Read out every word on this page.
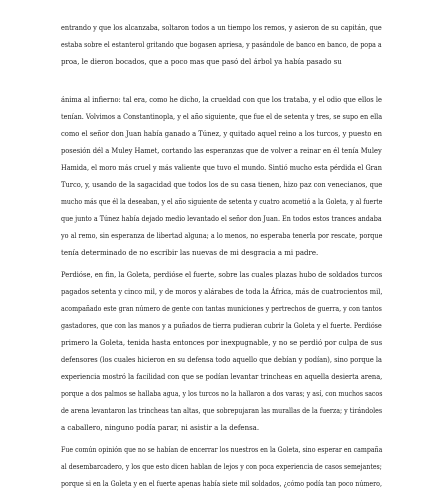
entrando y que los alcanzaba, soltaron todos a un tiempo los remos, y asieron de su capitán, que
estaba sobre el estanterol gritando que bogasen apriesa, y pasándole de banco en banco, de popa a
proa, le dieron bocados, que a poco mas que pasó del árbol ya había pasado su
ánima al infierno: tal era, como he dicho, la crueldad con que los trataba, y el odio que ellos le
tenían. Volvimos a Constantinopla, y el año siguiente, que fue el de setenta y tres, se supo en ella
como el señor don Juan había ganado a Túnez, y quitado aquel reino a los turcos, y puesto en
posesión dél a Muley Hamet, cortando las esperanzas que de volver a reinar en él tenía Muley
Hamida, el moro más cruel y más valiente que tuvo el mundo. Sintió mucho esta pérdida el Gran
Turco, y, usando de la sagacidad que todos los de su casa tienen, hizo paz con venecianos, que
mucho más que él la deseaban, y el año siguiente de setenta y cuatro acometió a la Goleta, y al fuerte
que junto a Túnez había dejado medio levantado el señor don Juan. En todos estos trances andaba
yo al remo, sin esperanza de libertad alguna; a lo menos, no esperaba tenerla por rescate, porque
tenía determinado de no escribir las nuevas de mi desgracia a mi padre.
Perdióse, en fin, la Goleta, perdióse el fuerte, sobre las cuales plazas hubo de soldados turcos
pagados setenta y cinco mil, y de moros y alárabes de toda la África, más de cuatrocientos mil,
acompañado este gran número de gente con tantas municiones y pertrechos de guerra, y con tantos
gastadores, que con las manos y a puñados de tierra pudieran cubrir la Goleta y el fuerte. Perdióse
primero la Goleta, tenida hasta entonces por inexpugnable, y no se perdió por culpa de sus
defensores (los cuales hicieron en su defensa todo aquello que debían y podían), sino porque la
experiencia mostró la facilidad con que se podían levantar trincheas en aquella desierta arena,
porque a dos palmos se hallaba agua, y los turcos no la hallaron a dos varas; y así, con muchos sacos
de arena levantaron las trincheas tan altas, que sobrepujaran las murallas de la fuerza; y tirándoles
a caballero, ninguno podía parar, ni asistir a la defensa.
Fue común opinión que no se habían de encerrar los nuestros en la Goleta, sino esperar en campaña
al desembarcadero, y los que esto dicen hablan de lejos y con poca experiencia de casos semejantes;
porque si en la Goleta y en el fuerte apenas había siete mil soldados, ¿cómo podía tan poco número,
